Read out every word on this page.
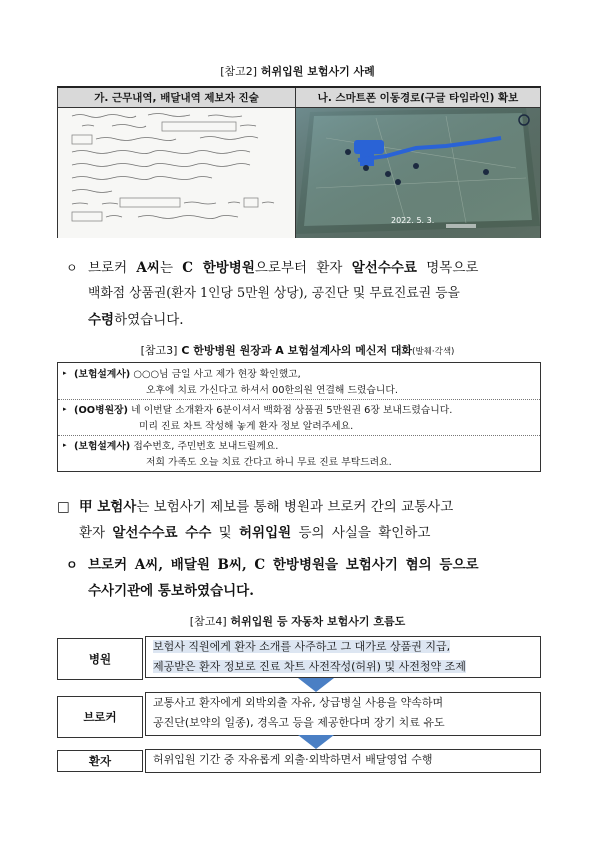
[참고2] 허위입원 보험사기 사례
가. 근무내역, 배달내역 제보자 진술	나. 스마트폰 이동경로(구글 타임라인) 확보
2022. 5. 3.
ㅇ 브로커 A씨는 C 한방병원으로부터 환자 알선수수료 명목으로
백화점 상품권(환자 1인당 5만원 상당), 공진단 및 무료진료권 등을
수령하였습니다.
[참고3] C 한방병원 원장과 A 보험설계사의 메신저 대화(발췌·각색)
▸ (보험설계사) ○○○님 금일 사고 제가 현장 확인했고,
오후에 치료 가신다고 하셔서 00한의원 연결해 드렸습니다.
▸ (OO병원장) 네 이번달 소개환자 6분이셔서 백화점 상품권 5만원권 6장 보내드렸습니다.
미리 진료 차트 작성해 놓게 환자 정보 알려주세요.
▸ (보험설계사) 접수번호, 주민번호 보내드릴께요.
저희 가족도 오늘 치료 간다고 하니 무료 진료 부탁드려요.
□ 甲 보험사는 보험사기 제보를 통해 병원과 브로커 간의 교통사고
환자 알선수수료 수수 및 허위입원 등의 사실을 확인하고
ㅇ 브로커 A씨, 배달원 B씨, C 한방병원을 보험사기 혐의 등으로
수사기관에 통보하였습니다.
[참고4] 허위입원 등 자동차 보험사기 흐름도
병원
보험사 직원에게 환자 소개를 사주하고 그 대가로 상품권 지급,
제공받은 환자 정보로 진료 차트 사전작성(허위) 및 사전청약 조제
브로커
교통사고 환자에게 외박외출 자유, 상급병실 사용을 약속하며
공진단(보약의 일종), 경옥고 등을 제공한다며 장기 치료 유도
환자	허위입원 기간 중 자유롭게 외출·외박하면서 배달영업 수행
